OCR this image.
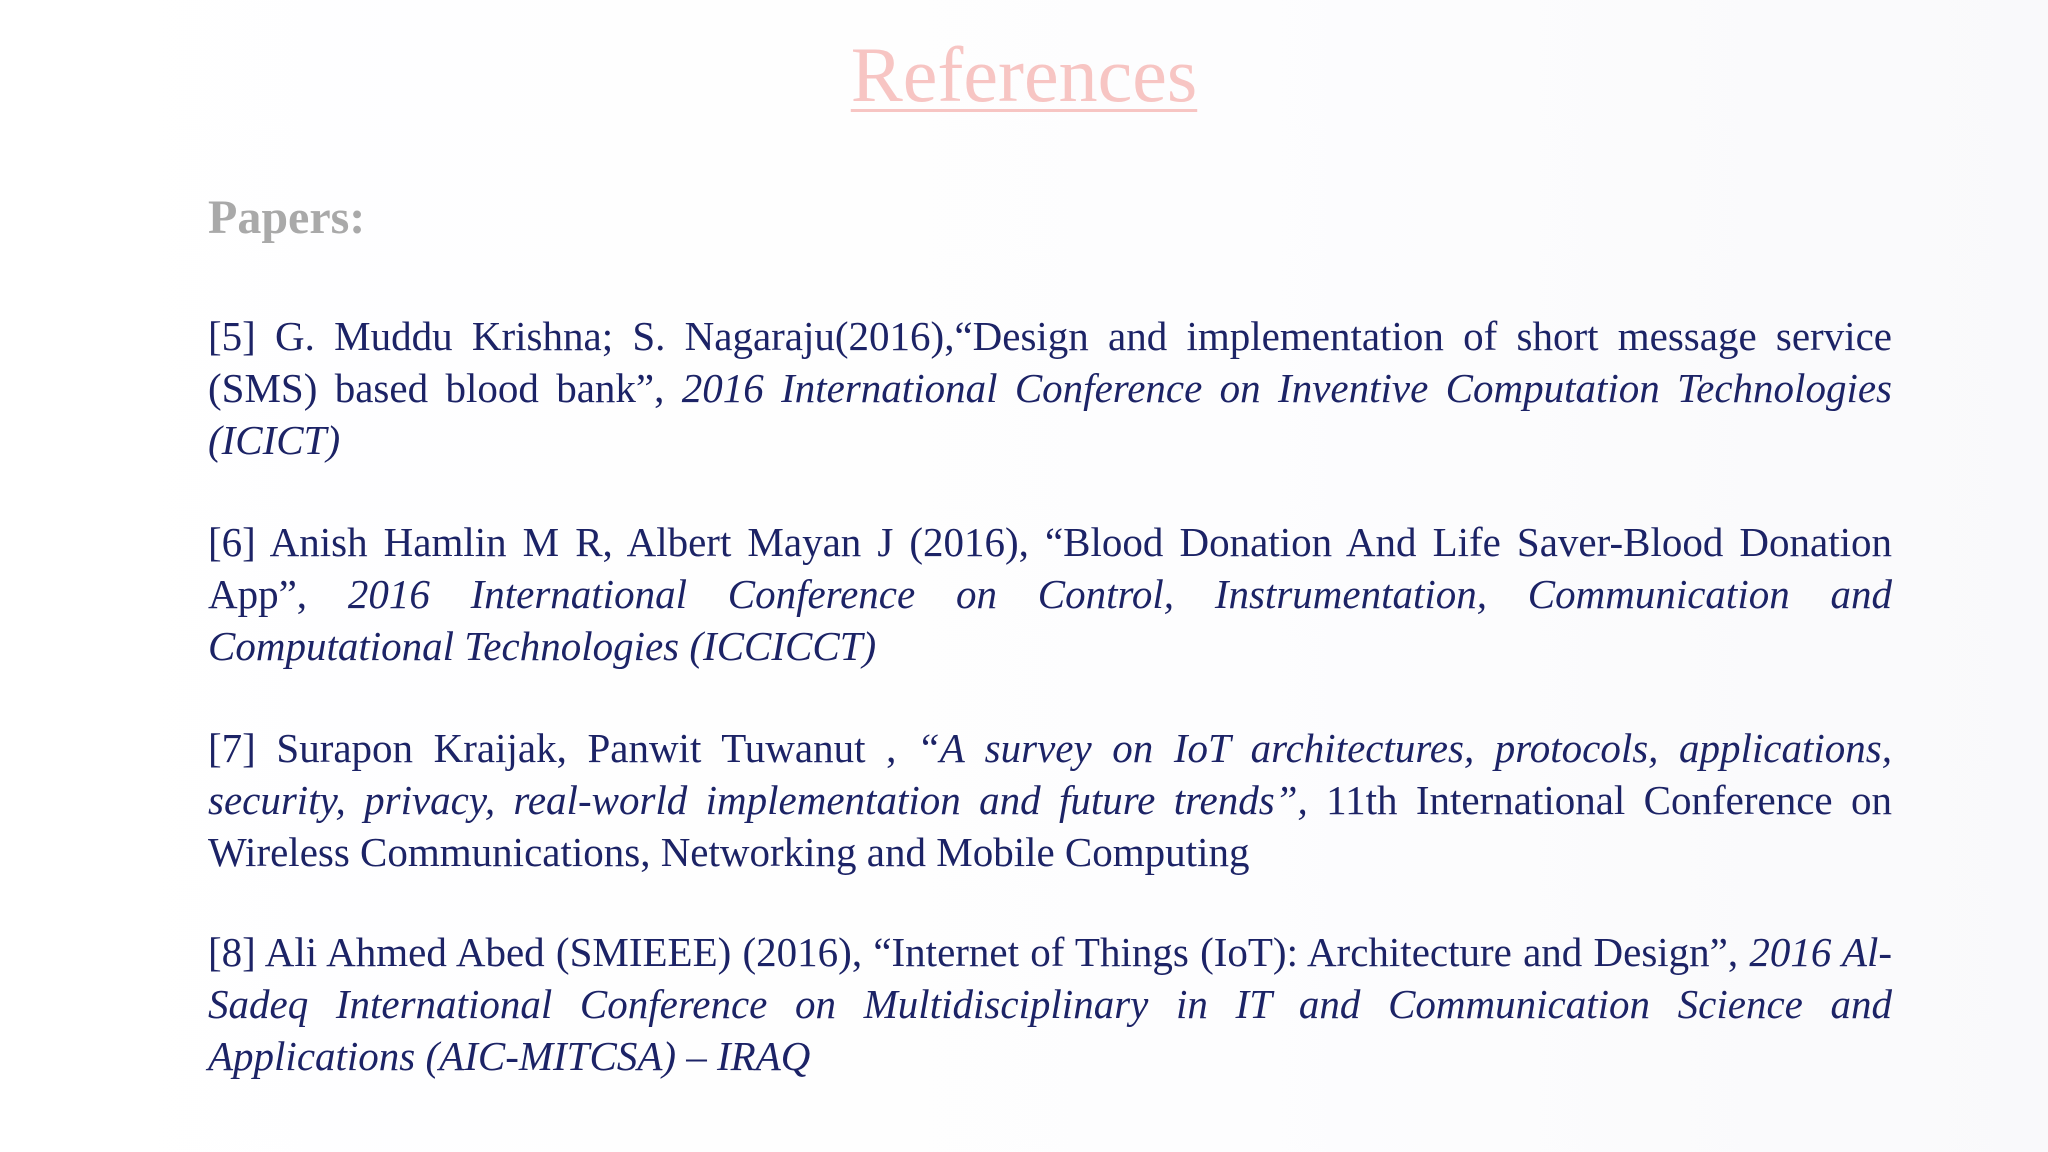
References
Papers:
[5] G. Muddu Krishna; S. Nagaraju(2016),“Design and implementation of short message service (SMS) based blood bank”, 2016 International Conference on Inventive Computation Technologies (ICICT)
[6] Anish Hamlin M R, Albert Mayan J (2016), “Blood Donation And Life Saver-Blood Donation App”, 2016 International Conference on Control, Instrumentation, Communication and Computational Technologies (ICCICCT)
[7] Surapon Kraijak, Panwit Tuwanut , “A survey on IoT architectures, protocols, applications, security, privacy, real-world implementation and future trends”, 11th International Conference on Wireless Communications, Networking and Mobile Computing
[8] Ali Ahmed Abed (SMIEEE) (2016), “Internet of Things (IoT): Architecture and Design”, 2016 Al-Sadeq International Conference on Multidisciplinary in IT and Communication Science and Applications (AIC-MITCSA) – IRAQ
